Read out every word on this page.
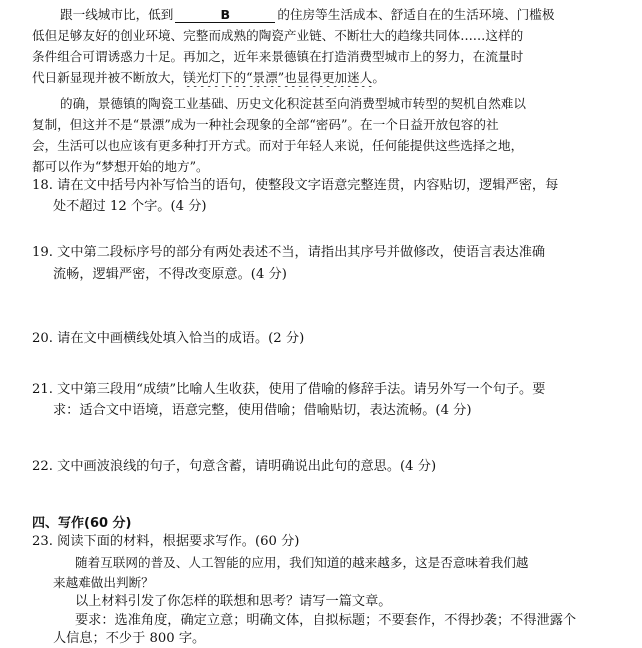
跟一线城市比，低到	B	的住房等生活成本、舒适自在的生活环境、门槛极
低但足够友好的创业环境、完整而成熟的陶瓷产业链、不断壮大的趋缘共同体……这样的
条件组合可谓诱惑力十足。再加之，近年来景德镇在打造消费型城市上的努力，在流量时
代日新显现并被不断放大，镁光灯下的“景漂”也显得更加迷人。
的确，景德镇的陶瓷工业基础、历史文化积淀甚至向消费型城市转型的契机自然难以
复制，但这并不是“景漂”成为一种社会现象的全部“密码”。在一个日益开放包容的社
会，生活可以也应该有更多种打开方式。而对于年轻人来说，任何能提供这些选择之地，
都可以作为“梦想开始的地方”。
18. 请在文中括号内补写恰当的语句，使整段文字语意完整连贯，内容贴切，逻辑严密，每
处不超过 12 个字。(4 分)
19. 文中第二段标序号的部分有两处表述不当，请指出其序号并做修改，使语言表达准确
流畅，逻辑严密，不得改变原意。(4 分)
20. 请在文中画横线处填入恰当的成语。(2 分)
21. 文中第三段用“成绩”比喻人生收获，使用了借喻的修辞手法。请另外写一个句子。要
求：适合文中语境，语意完整，使用借喻；借喻贴切，表达流畅。(4 分)
22. 文中画波浪线的句子，句意含蓄，请明确说出此句的意思。(4 分)
四、写作(60 分)
23. 阅读下面的材料，根据要求写作。(60 分)
随着互联网的普及、人工智能的应用，我们知道的越来越多，这是否意味着我们越
来越难做出判断？
以上材料引发了你怎样的联想和思考？请写一篇文章。
要求：选准角度，确定立意；明确文体，自拟标题；不要套作，不得抄袭；不得泄露个
人信息；不少于 800 字。
